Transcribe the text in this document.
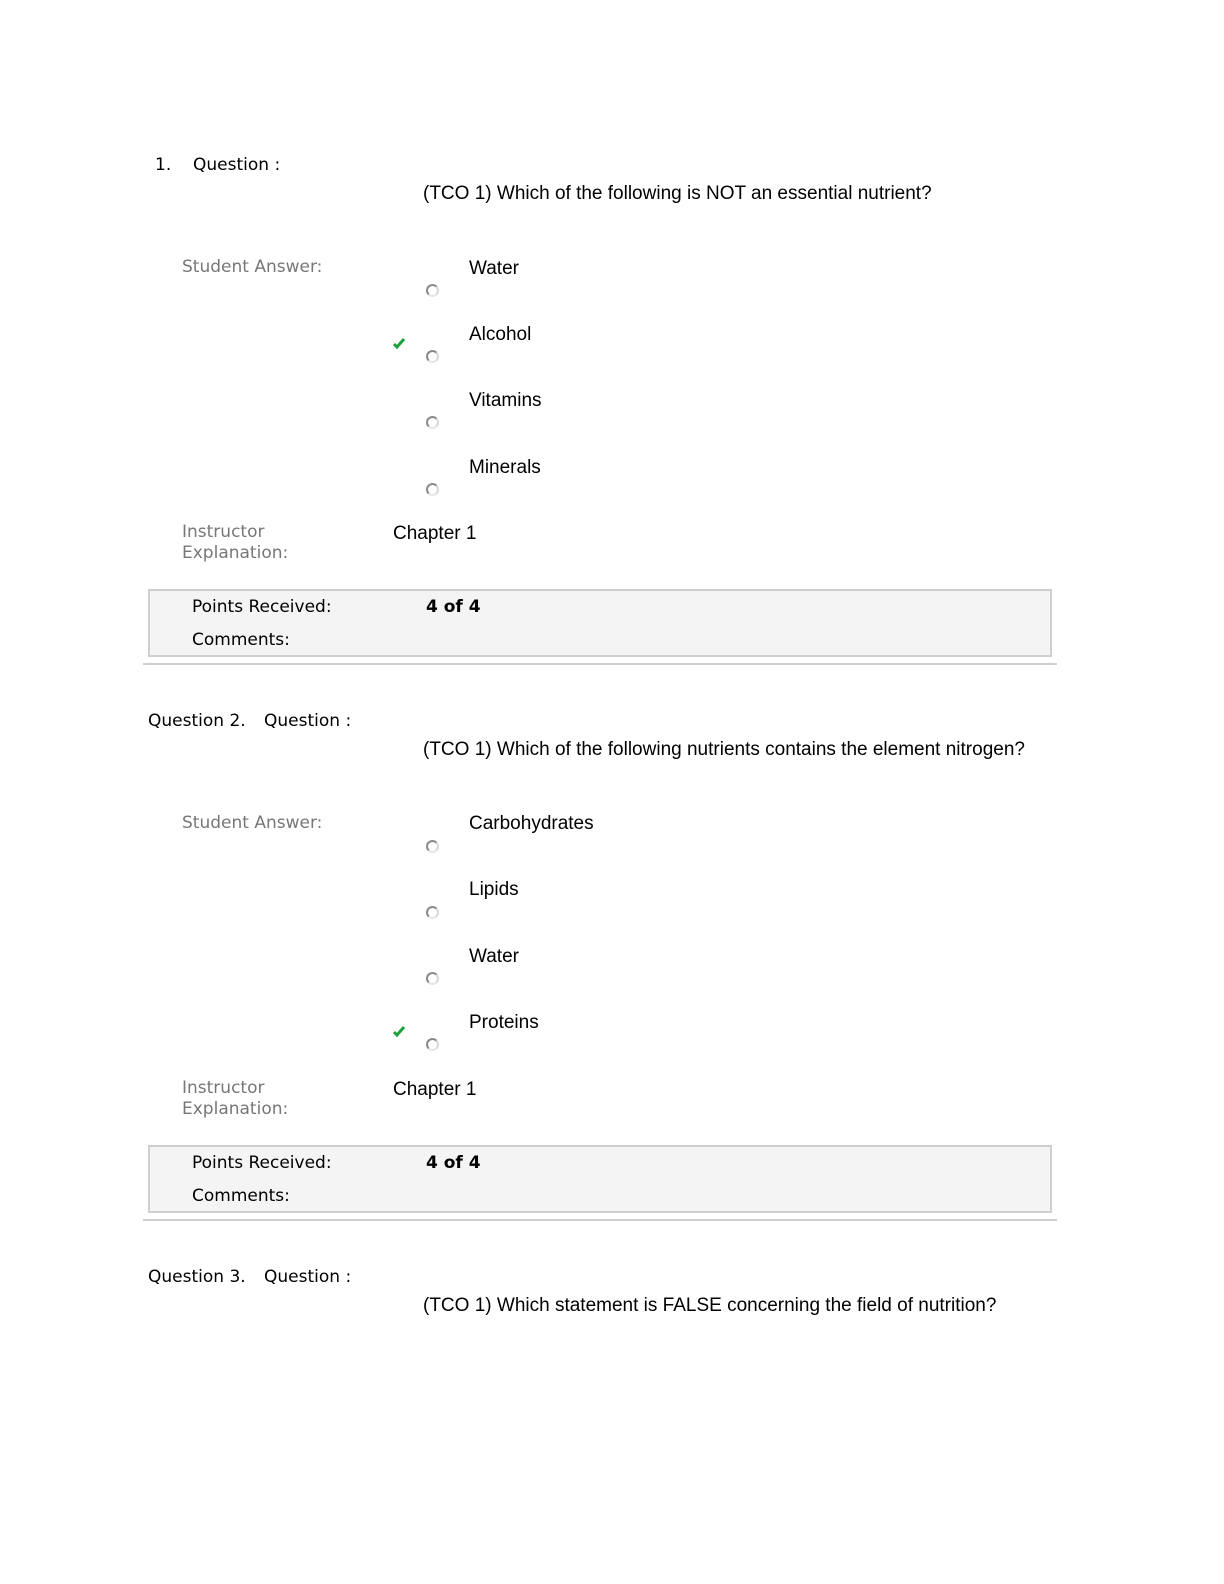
1. Question :
(TCO 1) Which of the following is NOT an essential nutrient?
Student Answer:	Water
Alcohol
Vitamins
Minerals
Instructor
Explanation:
Chapter 1
Points Received:	4 of 4
Comments:
Question 2. Question :
(TCO 1) Which of the following nutrients contains the element nitrogen?
Student Answer:	Carbohydrates
Lipids
Water
Proteins
Instructor
Explanation:
Chapter 1
Points Received:	4 of 4
Comments:
Question 3. Question :
(TCO 1) Which statement is FALSE concerning the field of nutrition?
